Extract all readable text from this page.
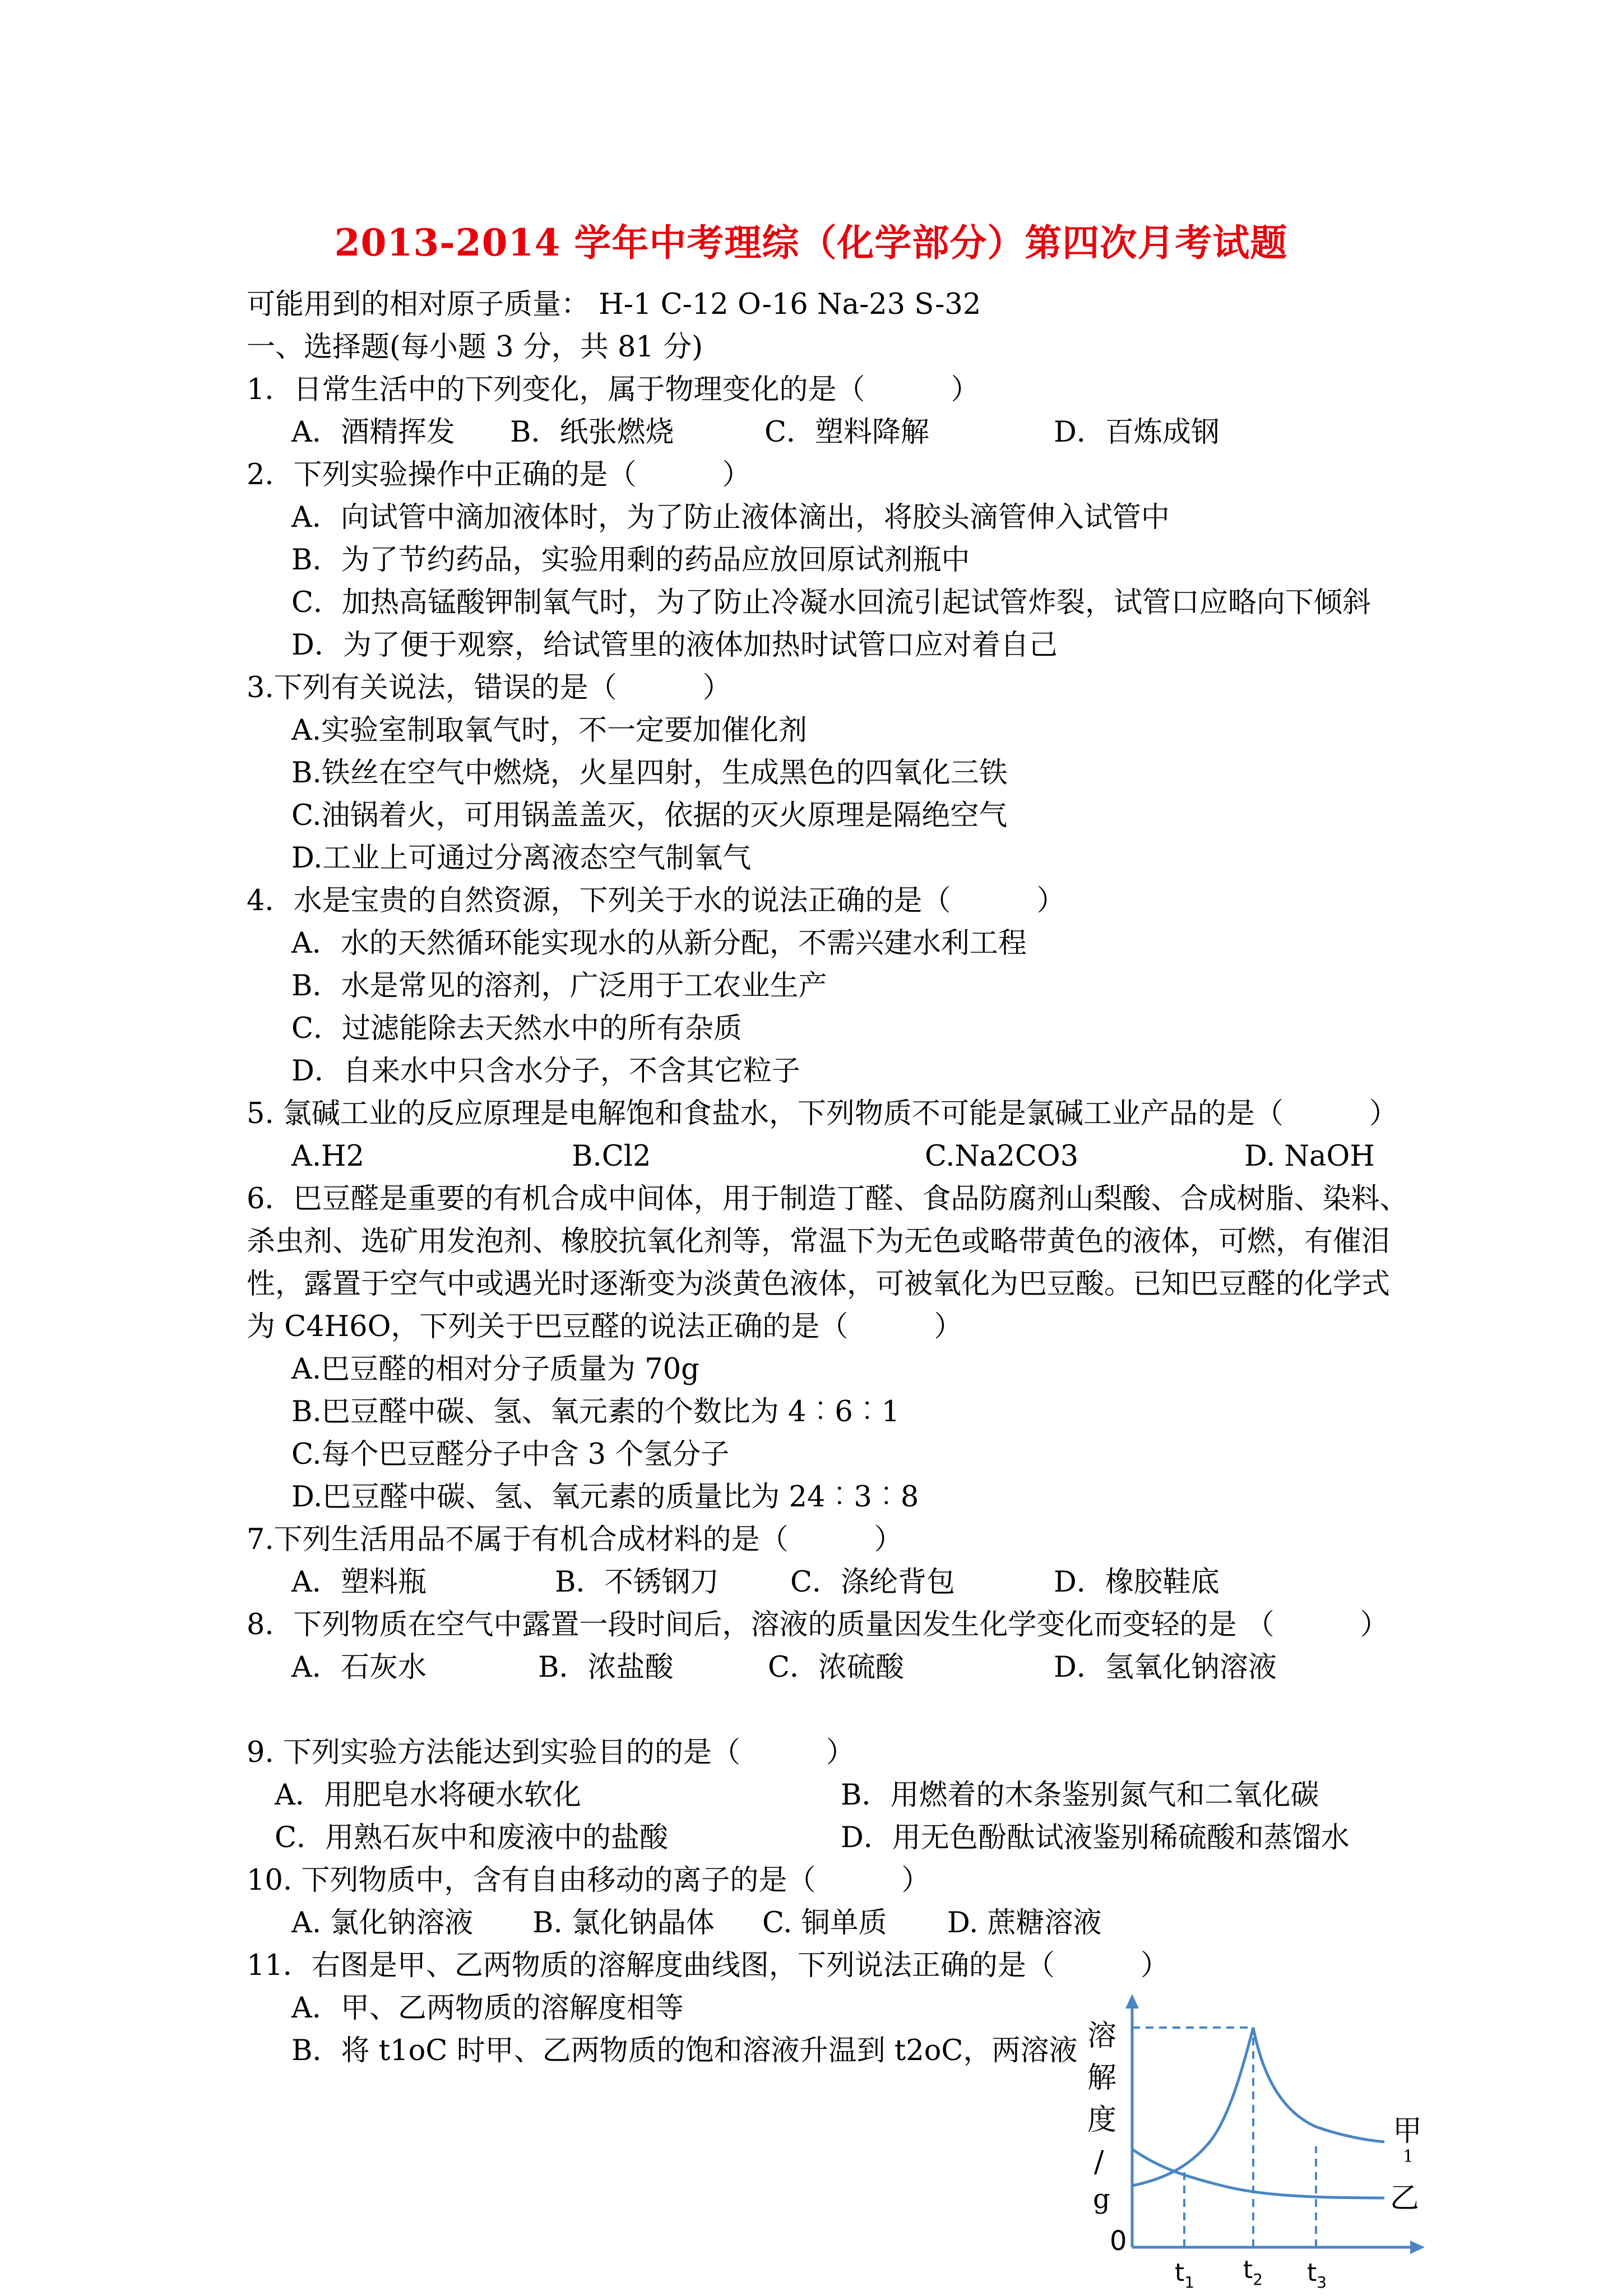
2013-2014 学年中考理综（化学部分）第四次月考试题
可能用到的相对原子质量： H-1 C-12 O-16 Na-23 S-32
一、选择题(每小题 3 分，共 81 分)
1．日常生活中的下列变化，属于物理变化的是（　　　）
A．酒精挥发 B．纸张燃烧	C．塑料降解	D．百炼成钢
2．下列实验操作中正确的是（　　　）
A．向试管中滴加液体时，为了防止液体滴出，将胶头滴管伸入试管中
B．为了节约药品，实验用剩的药品应放回原试剂瓶中
C．加热高锰酸钾制氧气时，为了防止冷凝水回流引起试管炸裂，试管口应略向下倾斜
D．为了便于观察，给试管里的液体加热时试管口应对着自己
3.下列有关说法，错误的是（　　　）
A.实验室制取氧气时，不一定要加催化剂
B.铁丝在空气中燃烧，火星四射，生成黑色的四氧化三铁
C.油锅着火，可用锅盖盖灭，依据的灭火原理是隔绝空气
D.工业上可通过分离液态空气制氧气
4．水是宝贵的自然资源，下列关于水的说法正确的是（　　　）
A．水的天然循环能实现水的从新分配，不需兴建水利工程
B．水是常见的溶剂，广泛用于工农业生产
C．过滤能除去天然水中的所有杂质
D．自来水中只含水分子，不含其它粒子
5. 氯碱工业的反应原理是电解饱和食盐水，下列物质不可能是氯碱工业产品的是（　　　）
A.H2	B.Cl2	C.Na2CO3	D. NaOH
6．巴豆醛是重要的有机合成中间体，用于制造丁醛、食品防腐剂山梨酸、合成树脂、染料、
杀虫剂、选矿用发泡剂、橡胶抗氧化剂等，常温下为无色或略带黄色的液体，可燃，有催泪
性，露置于空气中或遇光时逐渐变为淡黄色液体，可被氧化为巴豆酸。已知巴豆醛的化学式
为 C4H6O，下列关于巴豆醛的说法正确的是（　　　）
A.巴豆醛的相对分子质量为 70g
B.巴豆醛中碳、氢、氧元素的个数比为 4︰6︰1
C.每个巴豆醛分子中含 3 个氢分子
D.巴豆醛中碳、氢、氧元素的质量比为 24︰3︰8
7.下列生活用品不属于有机合成材料的是（　　　）
A．塑料瓶	B．不锈钢刀	C．涤纶背包	D．橡胶鞋底
8．下列物质在空气中露置一段时间后，溶液的质量因发生化学变化而变轻的是 （　　　）
A．石灰水	B．浓盐酸	C．浓硫酸	D．氢氧化钠溶液
9. 下列实验方法能达到实验目的的是（　　　）
A．用肥皂水将硬水软化	B．用燃着的木条鉴别氮气和二氧化碳
C．用熟石灰中和废液中的盐酸	D．用无色酚酞试液鉴别稀硫酸和蒸馏水
10. 下列物质中，含有自由移动的离子的是（　　　）
A. 氯化钠溶液 B. 氯化钠晶体 C. 铜单质 D. 蔗糖溶液
11．右图是甲、乙两物质的溶解度曲线图，下列说法正确的是（　　　）
A．甲、乙两物质的溶解度相等
B．将 t1oC 时甲、乙两物质的饱和溶液升温到 t2oC，两溶液 溶
解
度
/
g
0
甲
1
乙
$t_1$ $t_2$ $t_3$
